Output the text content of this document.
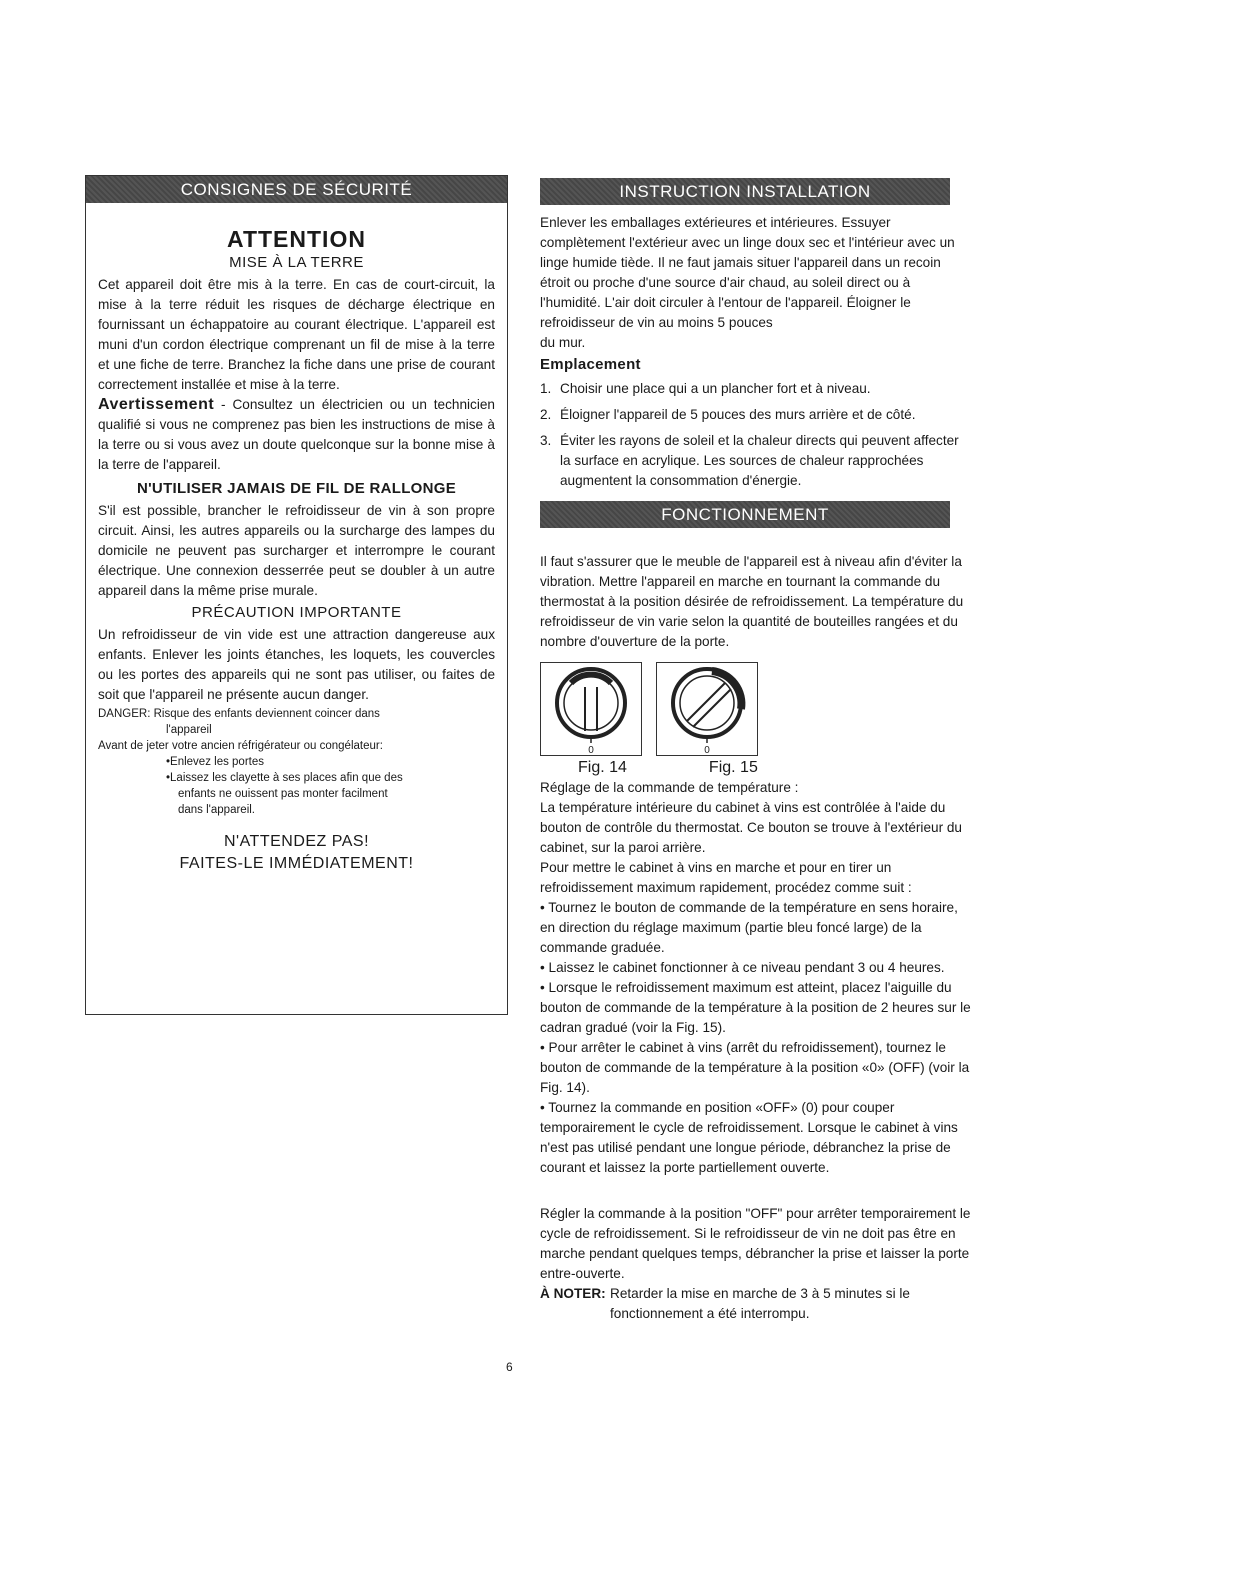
CONSIGNES DE SÉCURITÉ
ATTENTION
MISE À LA TERRE

Cet appareil doit être mis à la terre. En cas de court-circuit, la mise à la terre réduit les risques de décharge électrique en fournissant un échappatoire au courant électrique. L'appareil est muni d'un cordon électrique comprenant un fil de mise à la terre et une fiche de terre. Branchez la fiche dans une prise de courant correctement installée et mise à la terre.

Avertissement - Consultez un électricien ou un technicien qualifié si vous ne comprenez pas bien les instructions de mise à la terre ou si vous avez un doute quelconque sur la bonne mise à la terre de l'appareil.

N'UTILISER JAMAIS DE FIL DE RALLONGE

S'il est possible, brancher le refroidisseur de vin à son propre circuit. Ainsi, les autres appareils ou la surcharge des lampes du domicile ne peuvent pas surcharger et interrompre le courant électrique. Une connexion desserrée peut se doubler à un autre appareil dans la même prise murale.

PRÉCAUTION IMPORTANTE

Un refroidisseur de vin vide est une attraction dangereuse aux enfants. Enlever les joints étanches, les loquets, les couvercles ou les portes des appareils qui ne sont pas utiliser, ou faites de soit que l'appareil ne présente aucun danger.

DANGER: Risque des enfants deviennent coincer dans
l'appareil
Avant de jeter votre ancien réfrigérateur ou congélateur:
•Enlevez les portes
•Laissez les clayette à ses places afin que des
enfants ne ouissent pas monter facilment
dans l'appareil.
N'ATTENDEZ PAS!
FAITES-LE IMMÉDIATEMENT!
INSTRUCTION INSTALLATION

Enlever les emballages extérieures et intérieures. Essuyer complètement l'extérieur avec un linge doux sec et l'intérieur avec un linge humide tiède. Il ne faut jamais situer l'appareil dans un recoin étroit ou proche d'une source d'air chaud, au soleil direct ou à l'humidité. L'air doit circuler à l'entour de l'appareil. Éloigner le refroidisseur de vin au moins 5 pouces

du mur.

Emplacement
1. Choisir une place qui a un plancher fort et à niveau.
2. Éloigner l'appareil de 5 pouces des murs arrière et de côté.
3. Éviter les rayons de soleil et la chaleur directs qui peuvent affecter la surface en acrylique. Les sources de chaleur rapprochées augmentent la consommation d'énergie.
FONCTIONNEMENT

Il faut s'assurer que le meuble de l'appareil est à niveau afin d'éviter la vibration. Mettre l'appareil en marche en tournant la commande du thermostat à la position désirée de refroidissement. La température du refroidisseur de vin varie selon la quantité de bouteilles rangées et du nombre d'ouverture de la porte.

0	0
Fig. 14	Fig. 15

Réglage de la commande de température :

La température intérieure du cabinet à vins est contrôlée à l'aide du bouton de contrôle du thermostat. Ce bouton se trouve à l'extérieur du cabinet, sur la paroi arrière.

Pour mettre le cabinet à vins en marche et pour en tirer un refroidissement maximum rapidement, procédez comme suit :

• Tournez le bouton de commande de la température en sens horaire, en direction du réglage maximum (partie bleu foncé large) de la commande graduée.

• Laissez le cabinet fonctionner à ce niveau pendant 3 ou 4 heures.

• Lorsque le refroidissement maximum est atteint, placez l'aiguille du bouton de commande de la température à la position de 2 heures sur le cadran gradué (voir la Fig. 15).

• Pour arrêter le cabinet à vins (arrêt du refroidissement), tournez le bouton de commande de la température à la position «0» (OFF) (voir la Fig. 14).

• Tournez la commande en position «OFF» (0) pour couper temporairement le cycle de refroidissement. Lorsque le cabinet à vins n'est pas utilisé pendant une longue période, débranchez la prise de courant et laissez la porte partiellement ouverte.

Régler la commande à la position "OFF" pour arrêter temporairement le cycle de refroidissement. Si le refroidisseur de vin ne doit pas être en marche pendant quelques temps, débrancher la prise et laisser la porte entre-ouverte.

À NOTER: Retarder la mise en marche de 3 à 5 minutes si le fonctionnement a été interrompu.
6
